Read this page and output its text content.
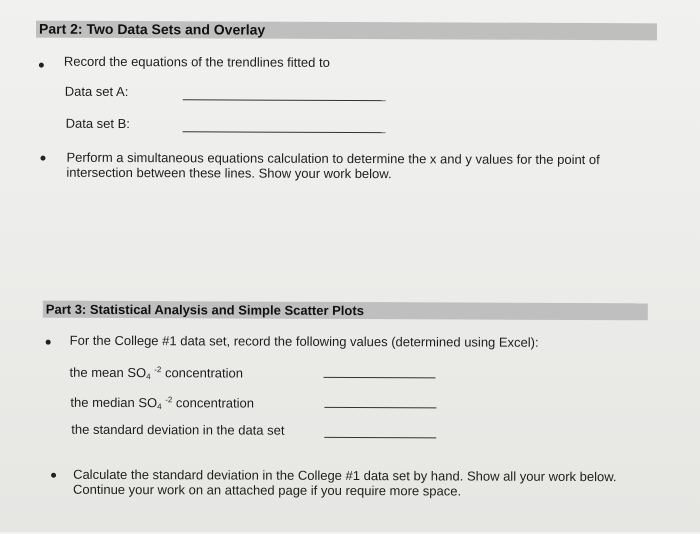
Part 2: Two Data Sets and Overlay
Record the equations of the trendlines fitted to
Data set A:
Data set B:
Perform a simultaneous equations calculation to determine the x and y values for the point of
intersection between these lines. Show your work below.
Part 3: Statistical Analysis and Simple Scatter Plots
For the College #1 data set, record the following values (determined using Excel):
the mean $SO_4$ $^{-2}$ concentration
the median $SO_4$ $^{-2}$ concentration
the standard deviation in the data set
Calculate the standard deviation in the College #1 data set by hand. Show all your work below.
Continue your work on an attached page if you require more space.
